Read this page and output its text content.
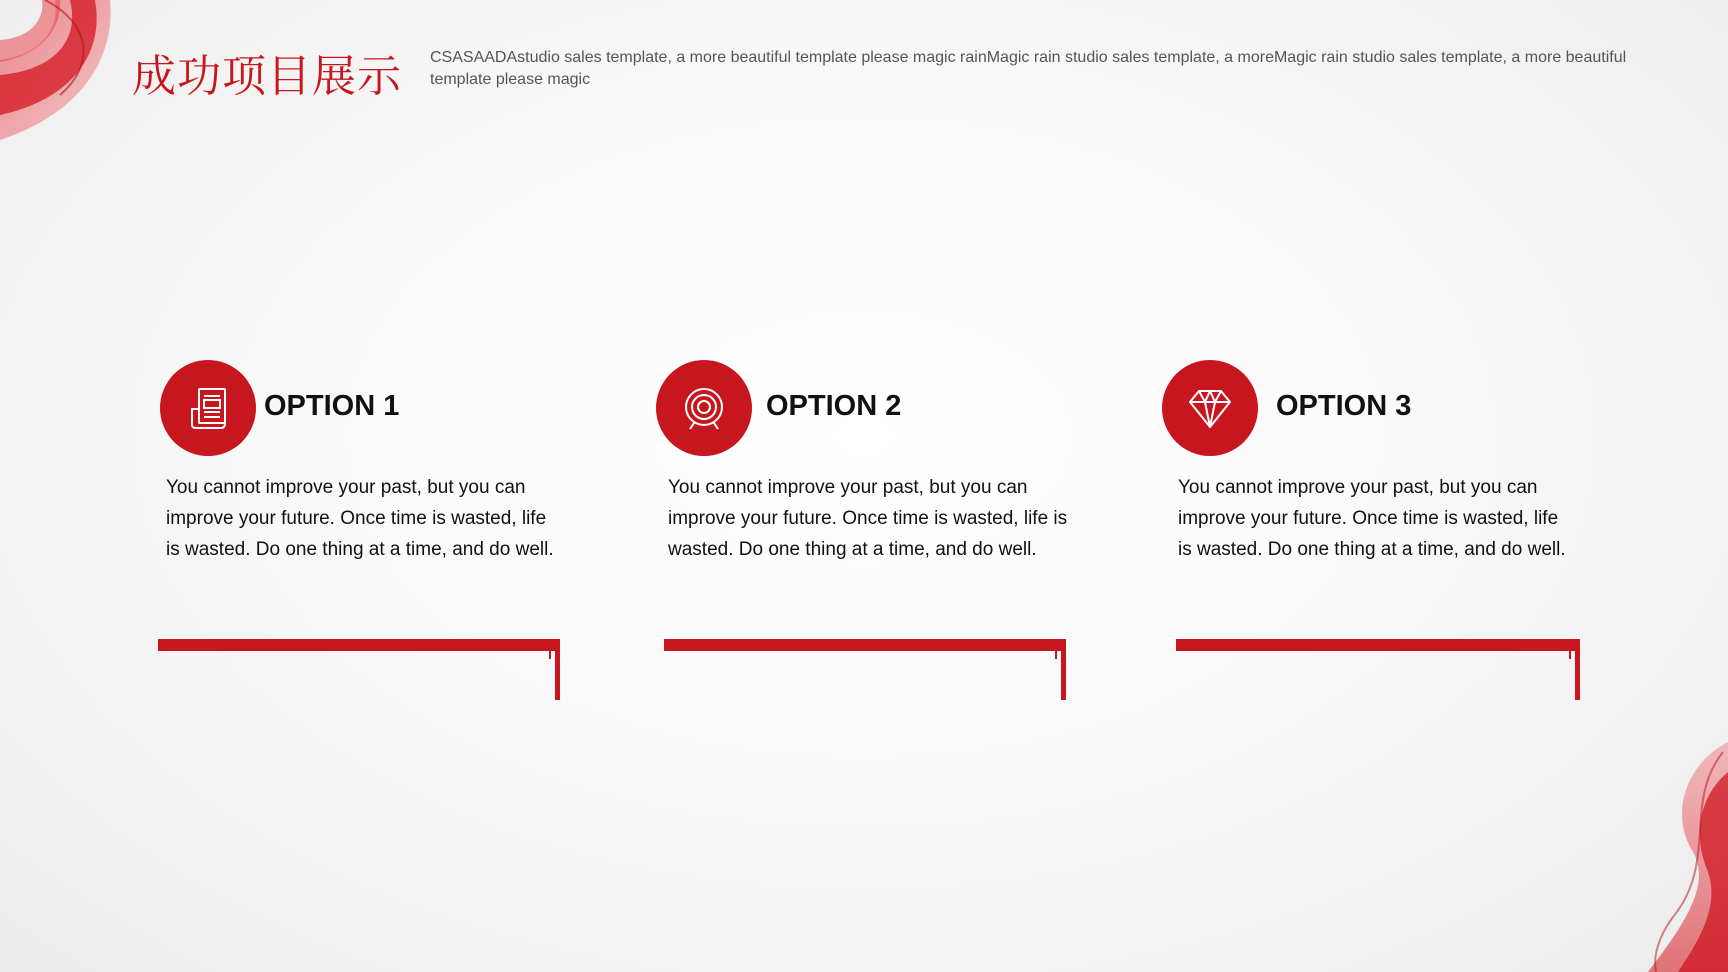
成功项目展示 CSASAADAstudio sales template, a more beautiful template please magic rainMagic rain studio sales template, a moreMagic rain studio sales template, a more beautiful template please magic
OPTION 1
You cannot improve your past, but you can improve your future. Once time is wasted, life is wasted. Do one thing at a time, and do well.
OPTION 2
You cannot improve your past, but you can improve your future. Once time is wasted, life is wasted. Do one thing at a time, and do well.
OPTION 3
You cannot improve your past, but you can improve your future. Once time is wasted, life is wasted. Do one thing at a time, and do well.
